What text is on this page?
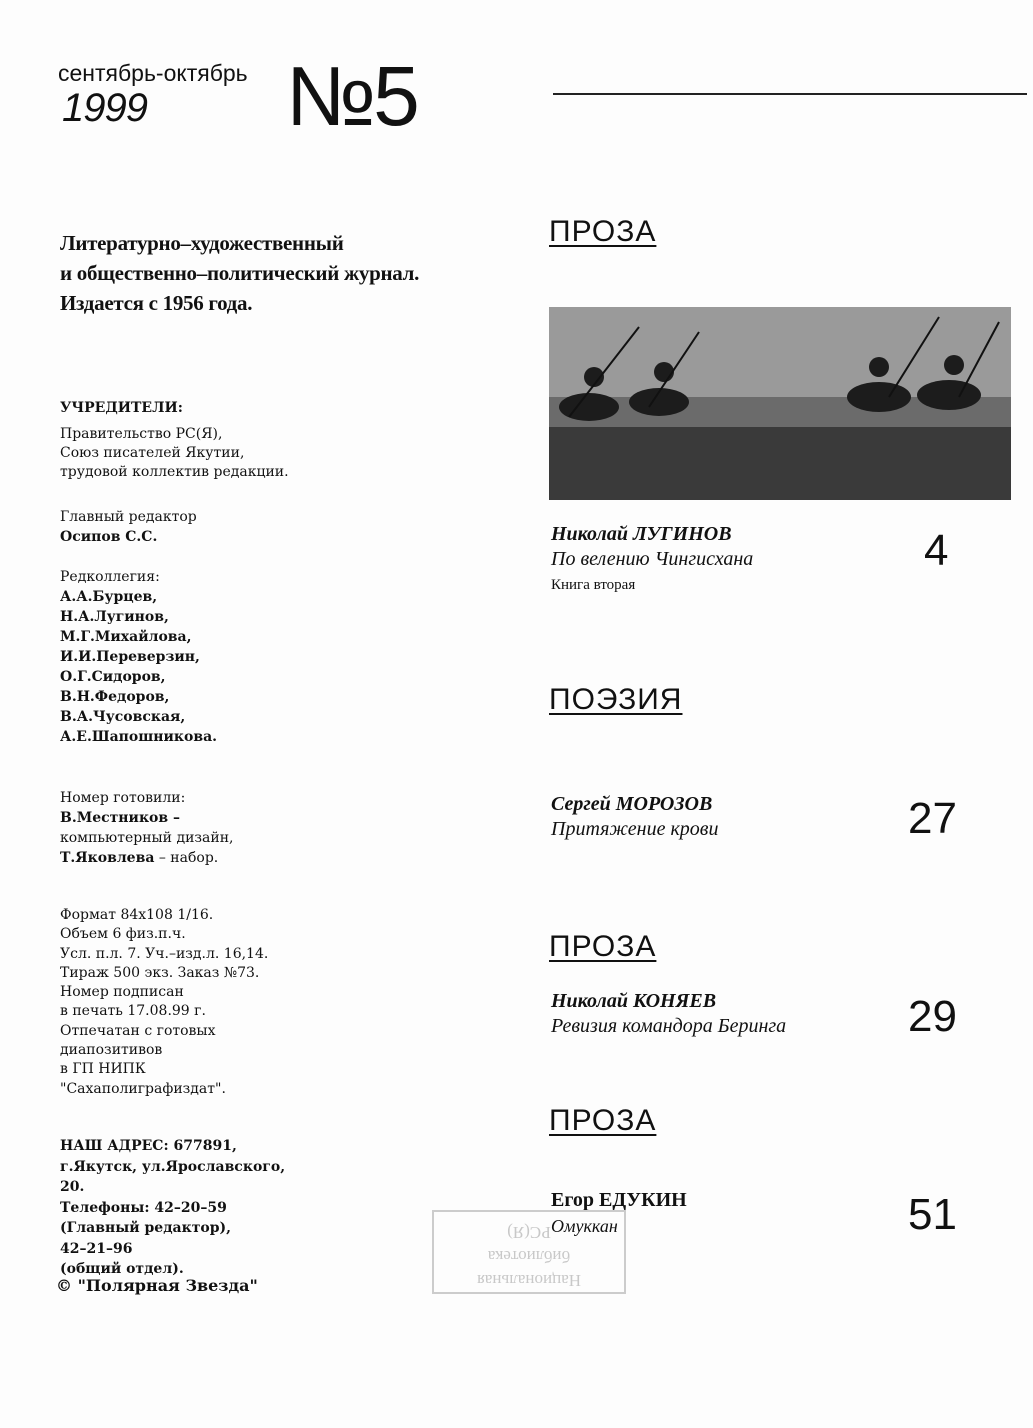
сентябрь-октябрь
1999 №5
Литературно–художественный
и общественно–политический журнал.
Издается с 1956 года.
УЧРЕДИТЕЛИ:
Правительство РС(Я),
Союз писателей Якутии,
трудовой коллектив редакции.
Главный редактор
Осипов С.С.
Редколлегия:
А.А.Бурцев,
Н.А.Лугинов,
М.Г.Михайлова,
И.И.Переверзин,
О.Г.Сидоров,
В.Н.Федоров,
В.А.Чусовская,
А.Е.Шапошникова.
Номер готовили:
В.Местников –
компьютерный дизайн,
Т.Яковлева – набор.
Формат 84x108 1/16.
Объем 6 физ.п.ч.
Усл. п.л. 7. Уч.–изд.л. 16,14.
Тираж 500 экз. Заказ №73.
Номер подписан
в печать 17.08.99 г.
Отпечатан с готовых
диапозитивов
в ГП НИПК
"Сахаполиграфиздат".
НАШ АДРЕС: 677891,
г.Якутск, ул.Ярославского,
20.
Телефоны: 42–20–59
(Главный редактор),
42–21–96
(общий отдел).
© "Полярная Звезда"
ПРОЗА
Николай ЛУГИНОВ
По велению Чингисхана
Книга вторая
4
ПОЭЗИЯ
Сергей МОРОЗОВ
Притяжение крови	27
ПРОЗА
Николай КОНЯЕВ
Ревизия командора Беринга	29
ПРОЗА
Егор ЕДУКИН
Омуккан	51
Национальная
библиотека
РС(Я)
